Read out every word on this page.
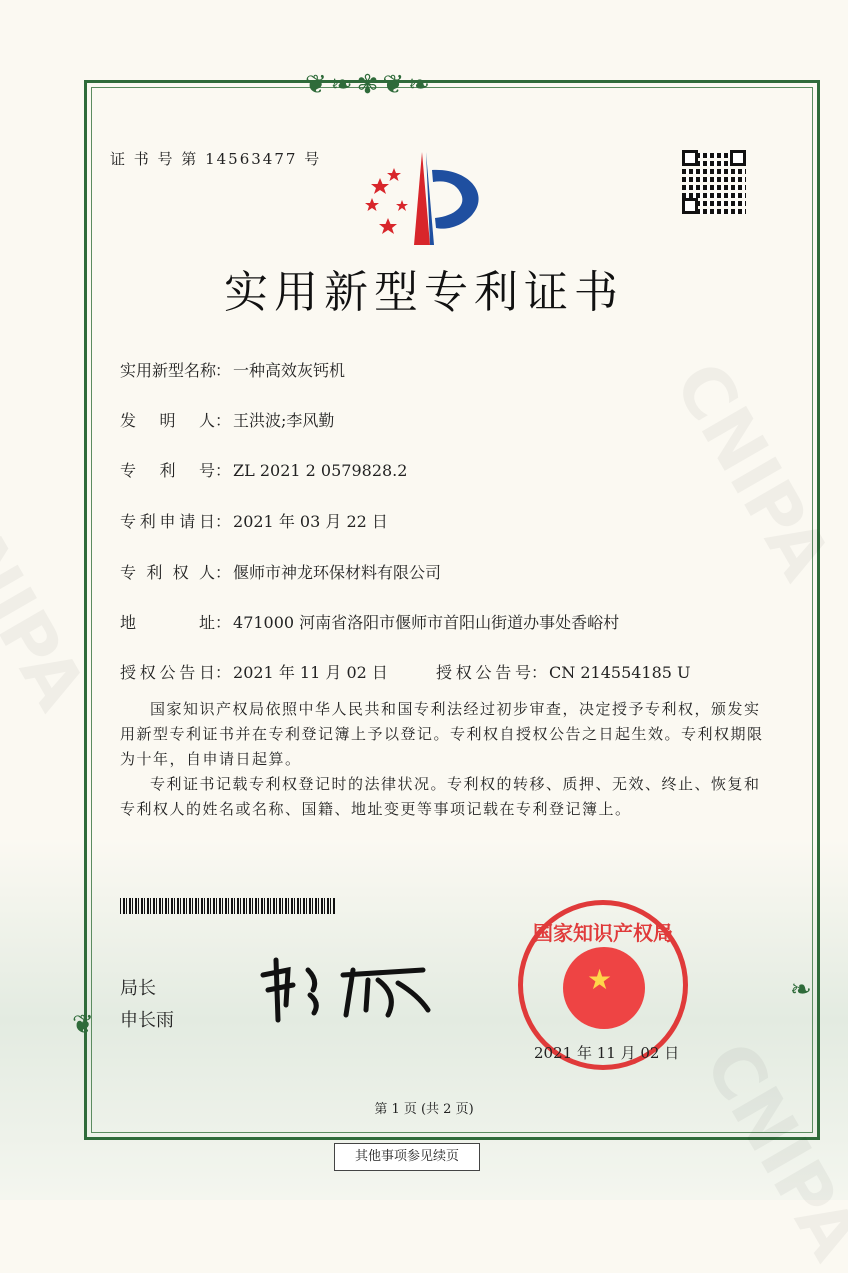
❦❧✾❦❧
❦
❧
证 书 号 第 14563477 号
实用新型专利证书
实用新型名称： 一种高效灰钙机
发明人： 王洪波;李风勤
专利号： ZL 2021 2 0579828.2
专利申请日： 2021 年 03 月 22 日
专利权人： 偃师市神龙环保材料有限公司
地址： 471000 河南省洛阳市偃师市首阳山街道办事处香峪村
授权公告日： 2021 年 11 月 02 日	授权公告号： CN 214554185 U
国家知识产权局依照中华人民共和国专利法经过初步审查，决定授予专利权，颁发实用新型专利证书并在专利登记簿上予以登记。专利权自授权公告之日起生效。专利权期限为十年，自申请日起算。
专利证书记载专利权登记时的法律状况。专利权的转移、质押、无效、终止、恢复和专利权人的姓名或名称、国籍、地址变更等事项记载在专利登记簿上。
局长
申长雨
国家知识产权局
★
2021 年 11 月 02 日
第 1 页 (共 2 页)
其他事项参见续页
